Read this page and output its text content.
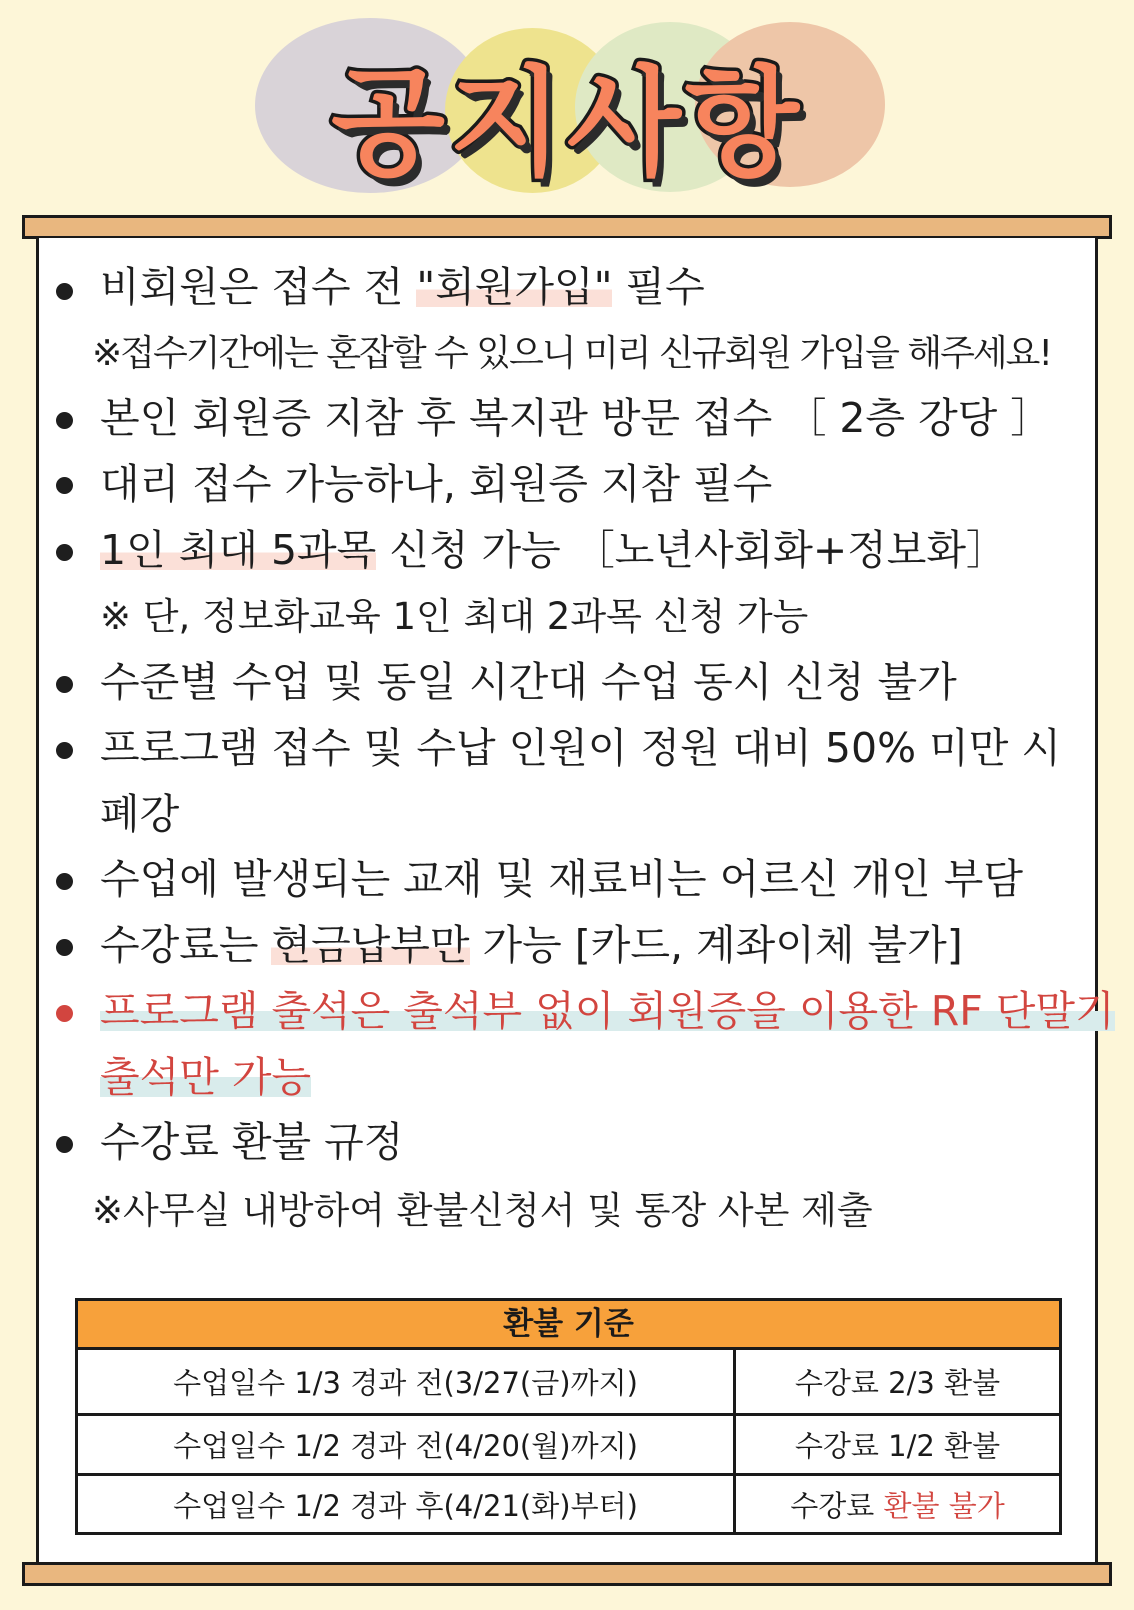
공지사항
비회원은 접수 전 "회원가입" 필수
※접수기간에는 혼잡할 수 있으니 미리 신규회원 가입을 해주세요!
본인 회원증 지참 후 복지관 방문 접수 ［ 2층 강당 ］
대리 접수 가능하나, 회원증 지참 필수
1인 최대 5과목 신청 가능 ［노년사회화+정보화］
※ 단, 정보화교육 1인 최대 2과목 신청 가능
수준별 수업 및 동일 시간대 수업 동시 신청 불가
프로그램 접수 및 수납 인원이 정원 대비 50% 미만 시
폐강
수업에 발생되는 교재 및 재료비는 어르신 개인 부담
수강료는 현금납부만 가능 [카드, 계좌이체 불가]
프로그램 출석은 출석부 없이 회원증을 이용한 RF 단말기
출석만 가능
수강료 환불 규정
※사무실 내방하여 환불신청서 및 통장 사본 제출
환불 기준
수업일수 1/3 경과 전(3/27(금)까지)	수강료 2/3 환불
수업일수 1/2 경과 전(4/20(월)까지)	수강료 1/2 환불
수업일수 1/2 경과 후(4/21(화)부터)	수강료 환불 불가
